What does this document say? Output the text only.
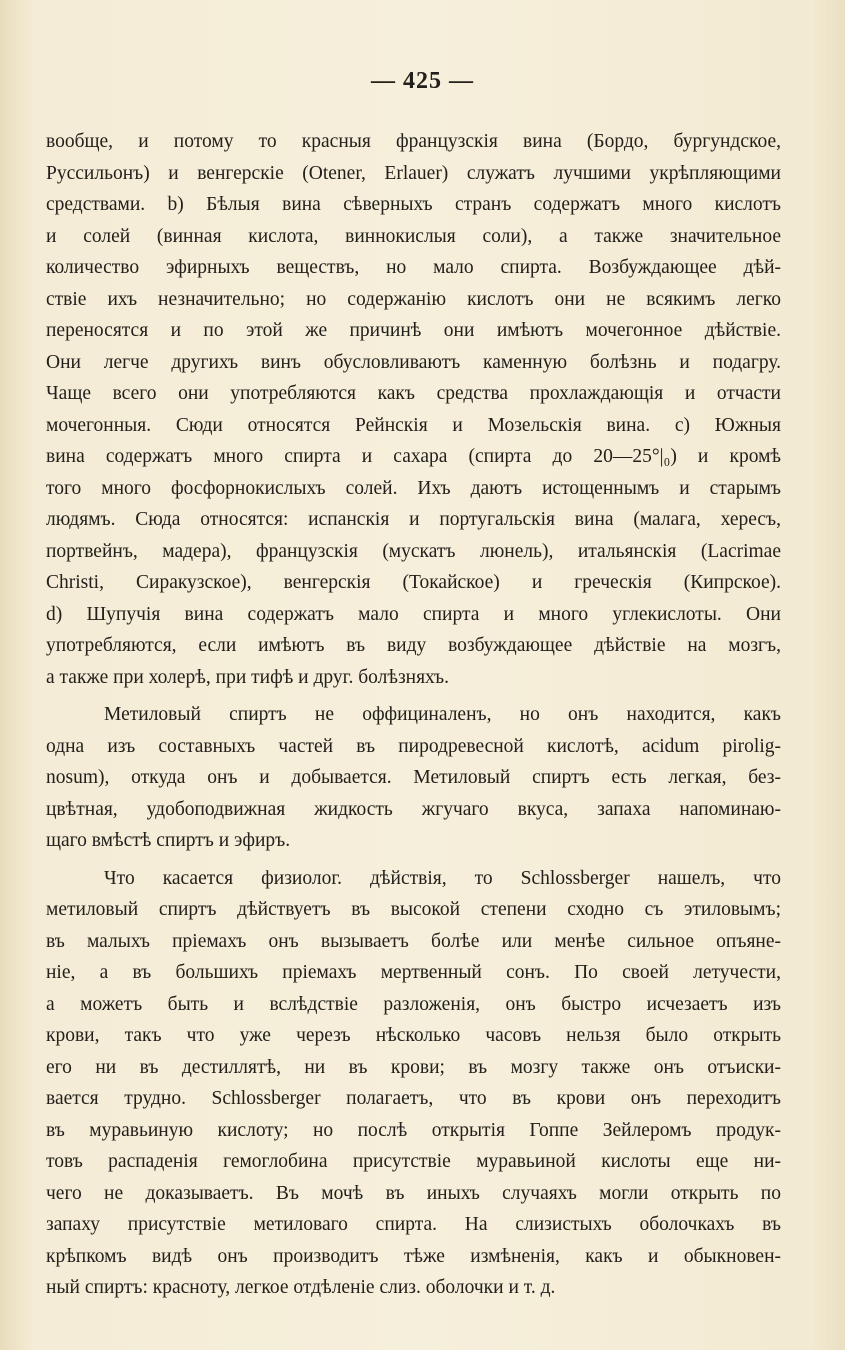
— 425 —

вообще, и потому то красныя французскія вина (Бордо, бургундское,
Руссильонъ) и венгерскіе (Otener, Erlauer) служатъ лучшими укрѣпляющими
средствами. b) Бѣлыя вина сѣверныхъ странъ содержатъ много кислотъ
и солей (винная кислота, виннокислыя соли), а также значительное
количество эфирныхъ веществъ, но мало спирта. Возбуждающее дѣй-
ствіе ихъ незначительно; но содержанію кислотъ они не всякимъ легко
переносятся и по этой же причинѣ они имѣютъ мочегонное дѣйствіе.
Они легче другихъ винъ обусловливаютъ каменную болѣзнь и подагру.
Чаще всего они употребляются какъ средства прохлаждающія и отчасти
мочегонныя. Сюди относятся Рейнскія и Мозельскія вина. c) Южныя
вина содержатъ много спирта и сахара (спирта до 20—25°|₀) и кромѣ
того много фосфорнокислыхъ солей. Ихъ даютъ истощеннымъ и старымъ
людямъ. Сюда относятся: испанскія и португальскія вина (малага, хересъ,
портвейнъ, мадера), французскія (мускатъ люнель), итальянскія (Lacrimae
Christi, Сиракузское), венгерскія (Токайское) и греческія (Кипрское).
d) Шупучія вина содержатъ мало спирта и много углекислоты. Они
употребляются, если имѣютъ въ виду возбуждающее дѣйствіе на мозгъ,
а также при холерѣ, при тифѣ и друг. болѣзняхъ.

Метиловый спиртъ не оффициналенъ, но онъ находится, какъ
одна изъ составныхъ частей въ пиродревесной кислотѣ, acidum pirolig-
nosum), откуда онъ и добывается. Метиловый спиртъ есть легкая, без-
цвѣтная, удобоподвижная жидкость жгучаго вкуса, запаха напоминаю-
щаго вмѣстѣ спиртъ и эфиръ.

Что касается физиолог. дѣйствія, то Schlossberger нашелъ, что
метиловый спиртъ дѣйствуетъ въ высокой степени сходно съ этиловымъ;
въ малыхъ пріемахъ онъ вызываетъ болѣе или менѣе сильное опъяне-
ніе, а въ большихъ пріемахъ мертвенный сонъ. По своей летучести,
а можетъ быть и вслѣдствіе разложенія, онъ быстро исчезаетъ изъ
крови, такъ что уже черезъ нѣсколько часовъ нельзя было открыть
его ни въ дестиллятѣ, ни въ крови; въ мозгу также онъ отъиски-
вается трудно. Schlossberger полагаетъ, что въ крови онъ переходитъ
въ муравьиную кислоту; но послѣ открытія Гоппе Зейлеромъ продук-
товъ распаденія гемоглобина присутствіе муравьиной кислоты еще ни-
чего не доказываетъ. Въ мочѣ въ иныхъ случаяхъ могли открыть по
запаху присутствіе метиловаго спирта. На слизистыхъ оболочкахъ въ
крѣпкомъ видѣ онъ производитъ тѣже измѣненія, какъ и обыкновен-
ный спиртъ: красноту, легкое отдѣленіе слиз. оболочки и т. д.
